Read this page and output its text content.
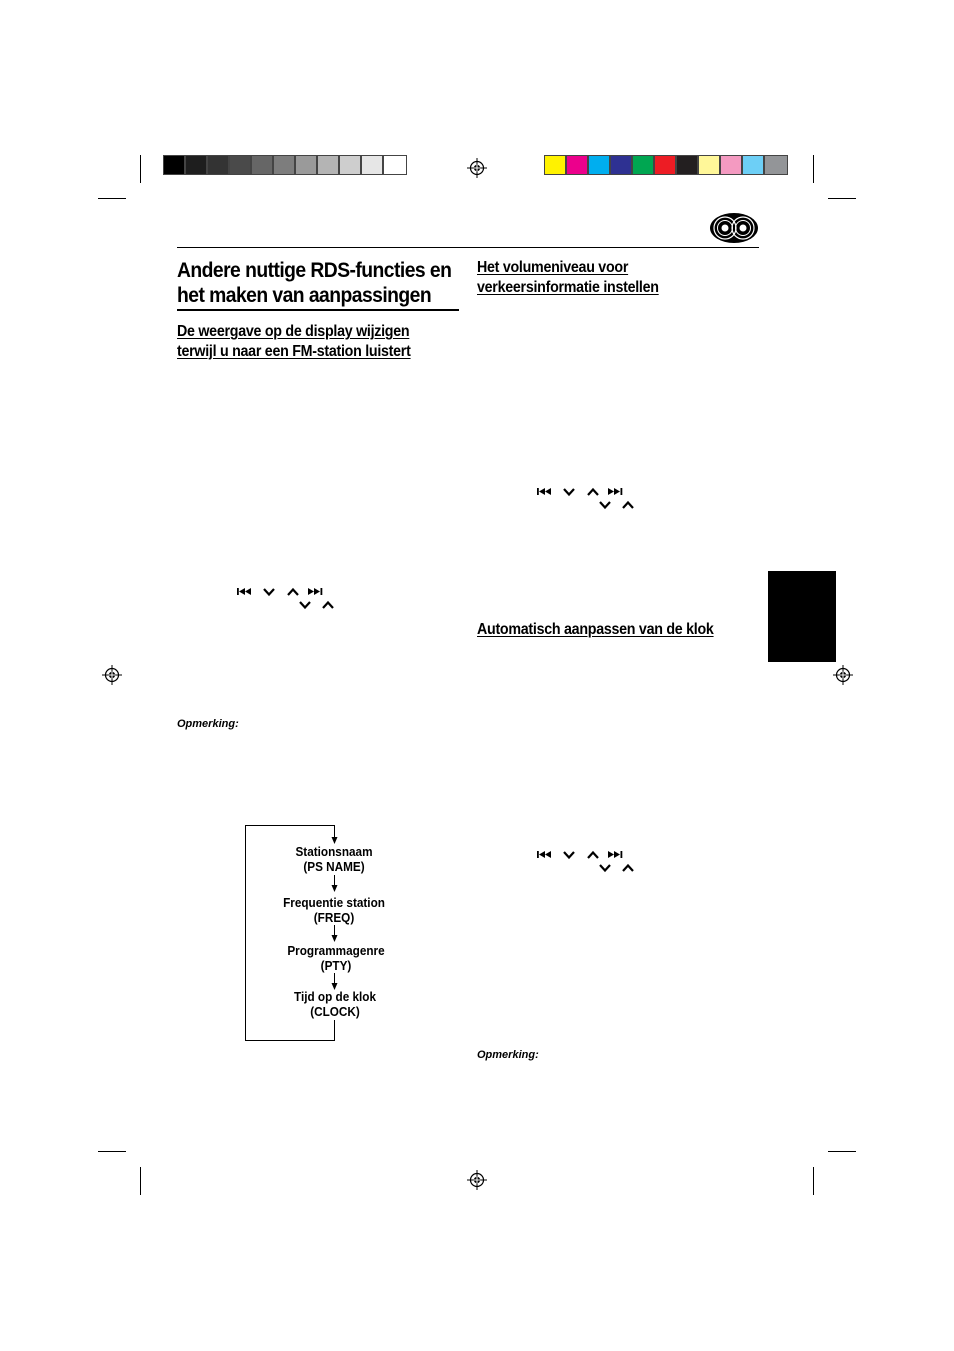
Andere nuttige RDS-functies en
het maken van aanpassingen
De weergave op de display wijzigen
terwijl u naar een FM-station luistert
Opmerking:
Stationsnaam
(PS NAME)
Frequentie station
(FREQ)
Programmagenre
(PTY)
Tijd op de klok
(CLOCK)
Het volumeniveau voor
verkeersinformatie instellen
Automatisch aanpassen van de klok
Opmerking:
